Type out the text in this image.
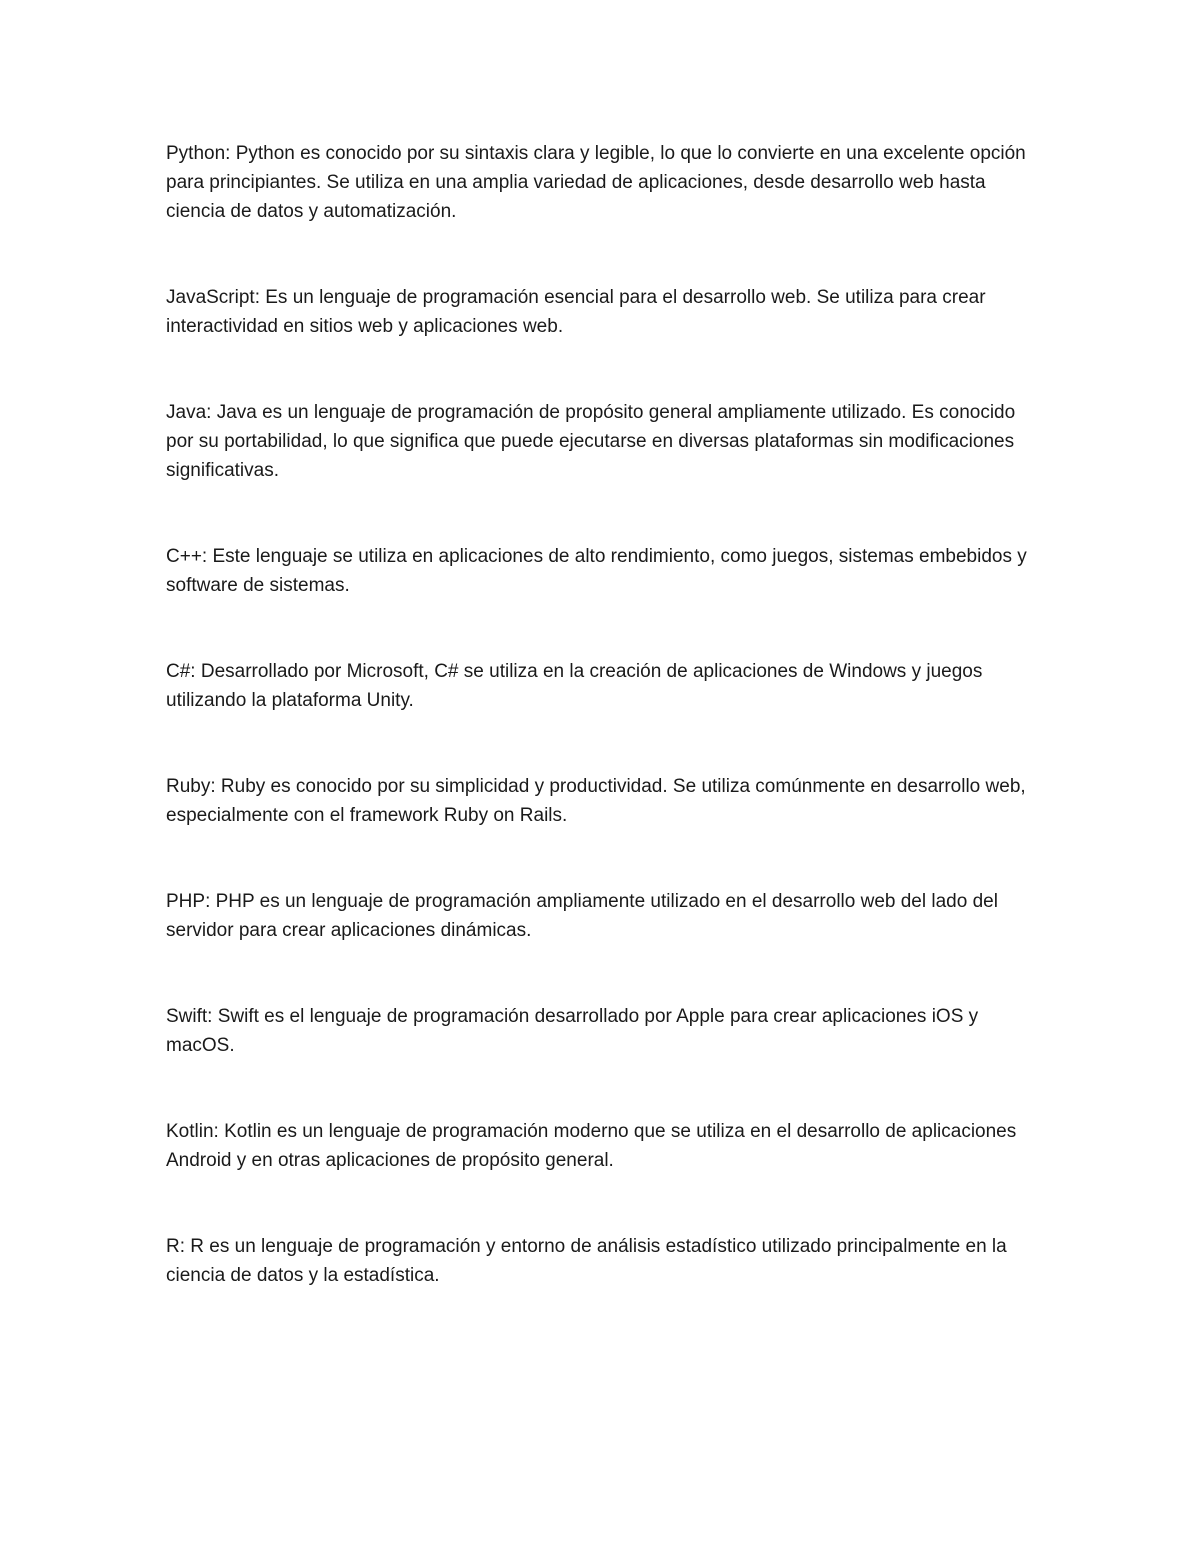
Python: Python es conocido por su sintaxis clara y legible, lo que lo convierte en una excelente opción para principiantes. Se utiliza en una amplia variedad de aplicaciones, desde desarrollo web hasta ciencia de datos y automatización.

JavaScript: Es un lenguaje de programación esencial para el desarrollo web. Se utiliza para crear interactividad en sitios web y aplicaciones web.

Java: Java es un lenguaje de programación de propósito general ampliamente utilizado. Es conocido por su portabilidad, lo que significa que puede ejecutarse en diversas plataformas sin modificaciones significativas.

C++: Este lenguaje se utiliza en aplicaciones de alto rendimiento, como juegos, sistemas embebidos y software de sistemas.

C#: Desarrollado por Microsoft, C# se utiliza en la creación de aplicaciones de Windows y juegos utilizando la plataforma Unity.

Ruby: Ruby es conocido por su simplicidad y productividad. Se utiliza comúnmente en desarrollo web, especialmente con el framework Ruby on Rails.

PHP: PHP es un lenguaje de programación ampliamente utilizado en el desarrollo web del lado del servidor para crear aplicaciones dinámicas.

Swift: Swift es el lenguaje de programación desarrollado por Apple para crear aplicaciones iOS y macOS.

Kotlin: Kotlin es un lenguaje de programación moderno que se utiliza en el desarrollo de aplicaciones Android y en otras aplicaciones de propósito general.

R: R es un lenguaje de programación y entorno de análisis estadístico utilizado principalmente en la ciencia de datos y la estadística.
